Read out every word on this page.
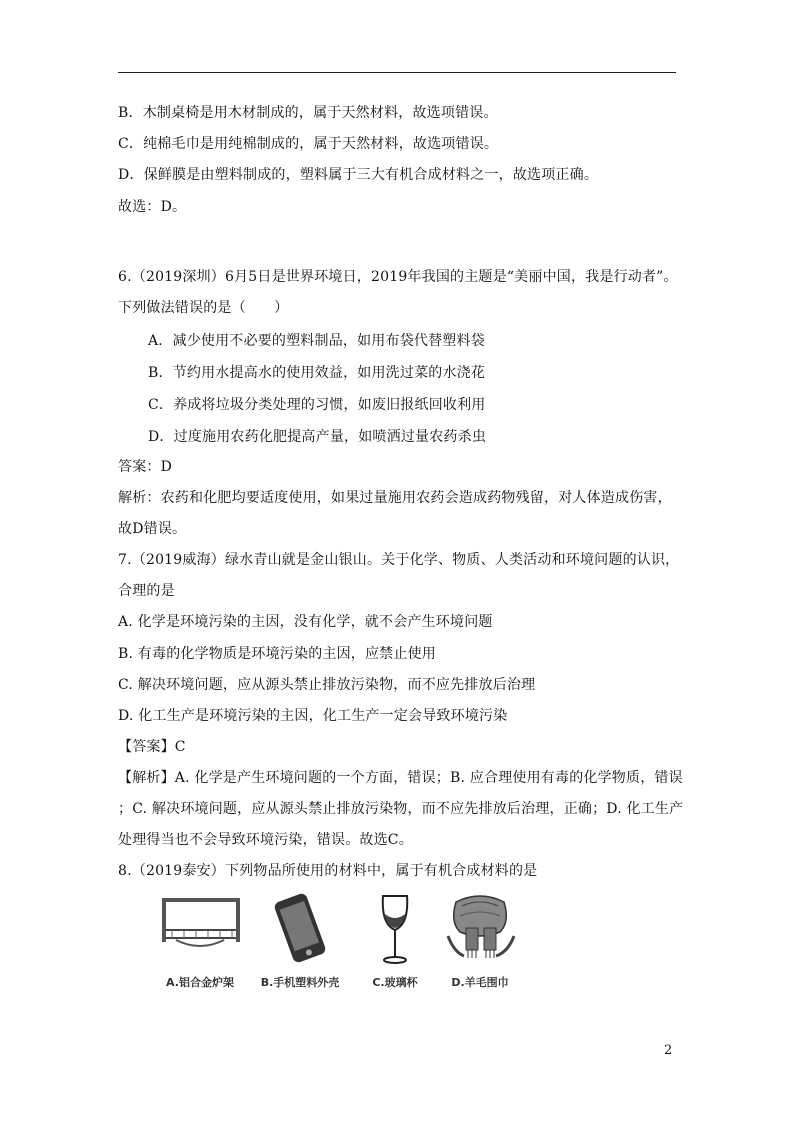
B．木制桌椅是用木材制成的，属于天然材料，故选项错误。
C．纯棉毛巾是用纯棉制成的，属于天然材料，故选项错误。
D．保鲜膜是由塑料制成的，塑料属于三大有机合成材料之一，故选项正确。
故选：D。
6.（2019深圳）6月5日是世界环境日，2019年我国的主题是“美丽中国，我是行动者”。
下列做法错误的是（　　）
A．减少使用不必要的塑料制品，如用布袋代替塑料袋
B．节约用水提高水的使用效益，如用洗过菜的水浇花
C．养成将垃圾分类处理的习惯，如废旧报纸回收利用
D．过度施用农药化肥提高产量，如喷洒过量农药杀虫
答案：D
解析：农药和化肥均要适度使用，如果过量施用农药会造成药物残留，对人体造成伤害，
故D错误。
7.（2019威海）绿水青山就是金山银山。关于化学、物质、人类活动和环境问题的认识，
合理的是
A. 化学是环境污染的主因，没有化学，就不会产生环境问题
B. 有毒的化学物质是环境污染的主因，应禁止使用
C. 解决环境问题，应从源头禁止排放污染物，而不应先排放后治理
D. 化工生产是环境污染的主因，化工生产一定会导致环境污染
【答案】C
【解析】A. 化学是产生环境问题的一个方面，错误；B. 应合理使用有毒的化学物质，错误
；C. 解决环境问题，应从源头禁止排放污染物，而不应先排放后治理，正确；D. 化工生产
处理得当也不会导致环境污染，错误。故选C。
8.（2019泰安）下列物品所使用的材料中，属于有机合成材料的是
A.铝合金炉架	B.手机塑料外壳	C.玻璃杯	D.羊毛围巾
2
